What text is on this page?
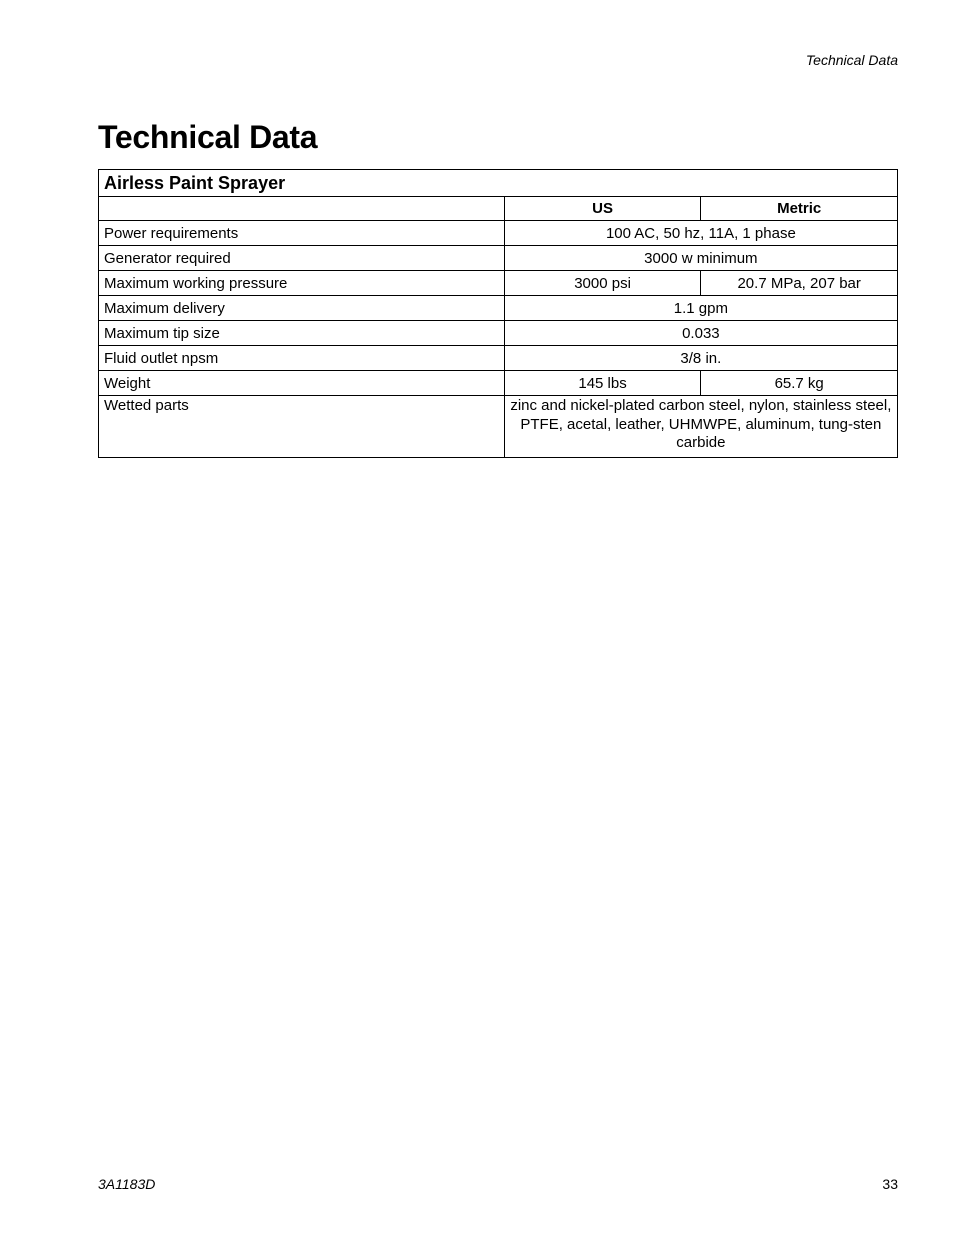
Technical Data
Technical Data
Airless Paint Sprayer		
	US	Metric
Power requirements	100 AC, 50 hz, 11A, 1 phase	
Generator required	3000 w minimum	
Maximum working pressure	3000 psi	20.7 MPa, 207 bar
Maximum delivery	1.1 gpm	
Maximum tip size	0.033	
Fluid outlet npsm	3/8 in.	
Weight	145 lbs	65.7 kg
Wetted parts	zinc and nickel-plated carbon steel, nylon, stainless steel, PTFE, acetal, leather, UHMWPE, aluminum, tung-sten carbide	
3A1183D	33
